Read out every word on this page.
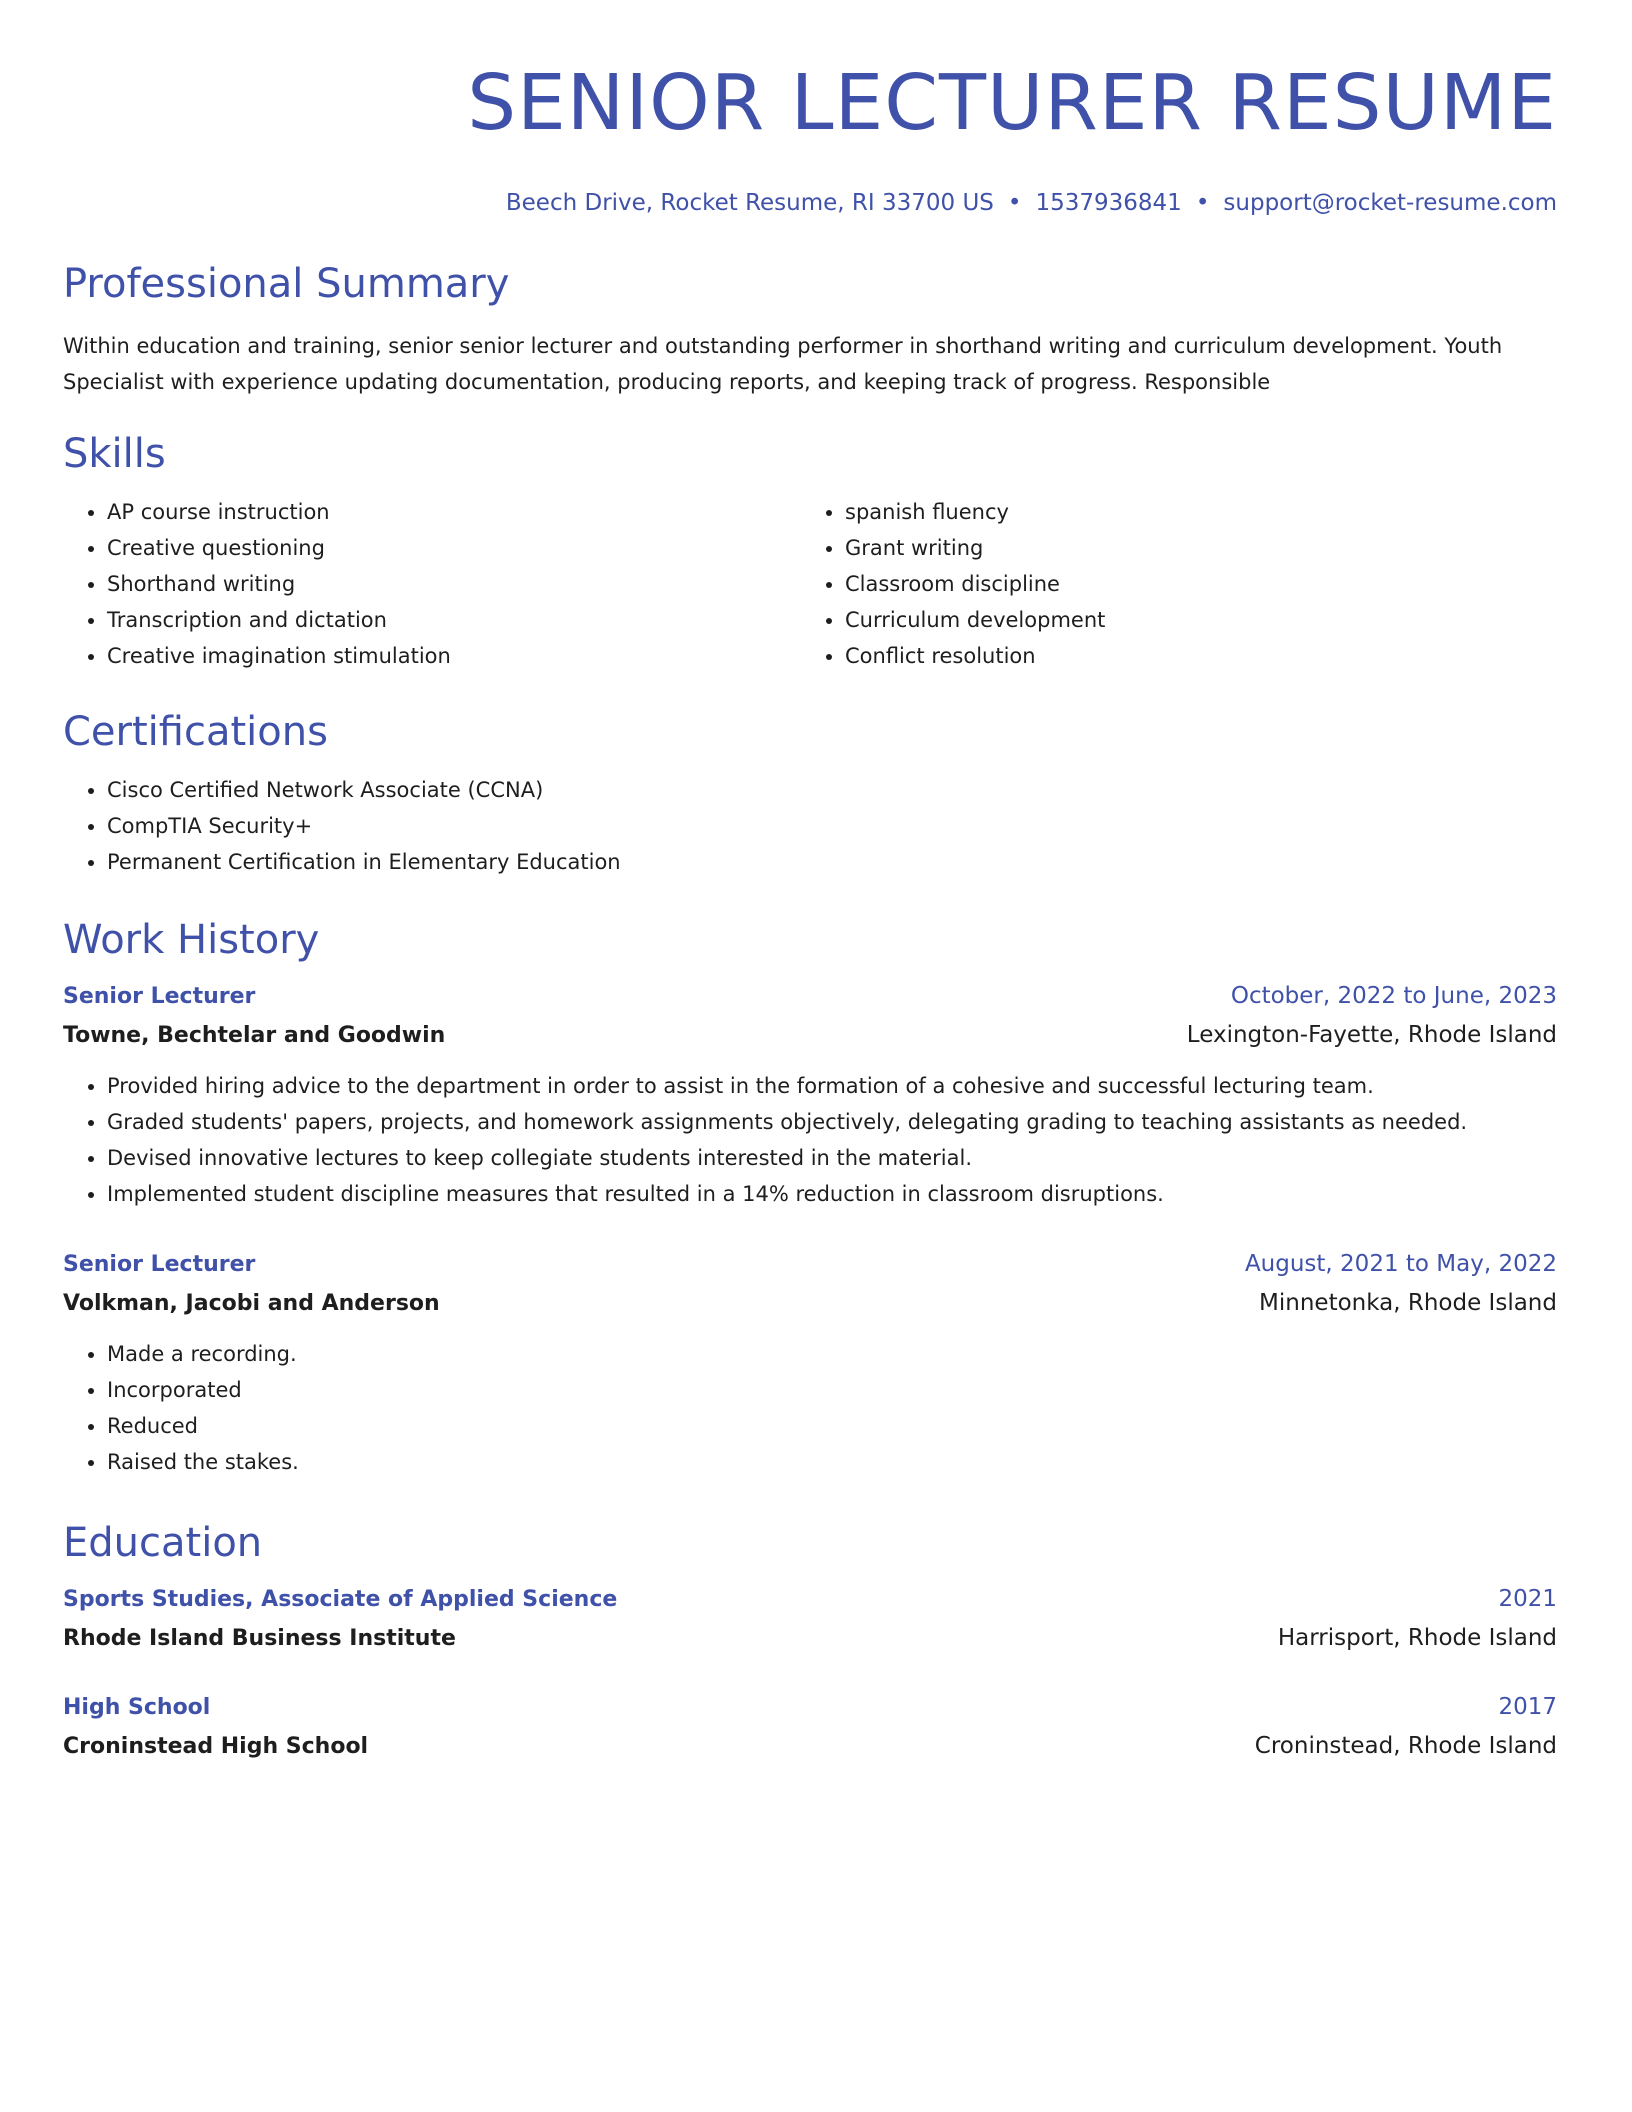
SENIOR LECTURER RESUME
Beech Drive, Rocket Resume, RI 33700 US • 1537936841 • support@rocket-resume.com
Professional Summary

Within education and training, senior senior lecturer and outstanding performer in shorthand writing and curriculum development. Youth Specialist with experience updating documentation, producing reports, and keeping track of progress. Responsible

Skills
• AP course instruction
• Creative questioning
• Shorthand writing
• Transcription and dictation
• Creative imagination stimulation
• spanish fluency
• Grant writing
• Classroom discipline
• Curriculum development
• Conflict resolution
Certifications
• Cisco Certified Network Associate (CCNA)
• CompTIA Security+
• Permanent Certification in Elementary Education
Work History
Senior Lecturer	October, 2022 to June, 2023
Towne, Bechtelar and Goodwin	Lexington-Fayette, Rhode Island
• Provided hiring advice to the department in order to assist in the formation of a cohesive and successful lecturing team.
• Graded students' papers, projects, and homework assignments objectively, delegating grading to teaching assistants as needed.
• Devised innovative lectures to keep collegiate students interested in the material.
• Implemented student discipline measures that resulted in a 14% reduction in classroom disruptions.
Senior Lecturer	August, 2021 to May, 2022
Volkman, Jacobi and Anderson	Minnetonka, Rhode Island
• Made a recording.
• Incorporated
• Reduced
• Raised the stakes.
Education
Sports Studies, Associate of Applied Science	2021
Rhode Island Business Institute	Harrisport, Rhode Island
High School	2017
Croninstead High School	Croninstead, Rhode Island
